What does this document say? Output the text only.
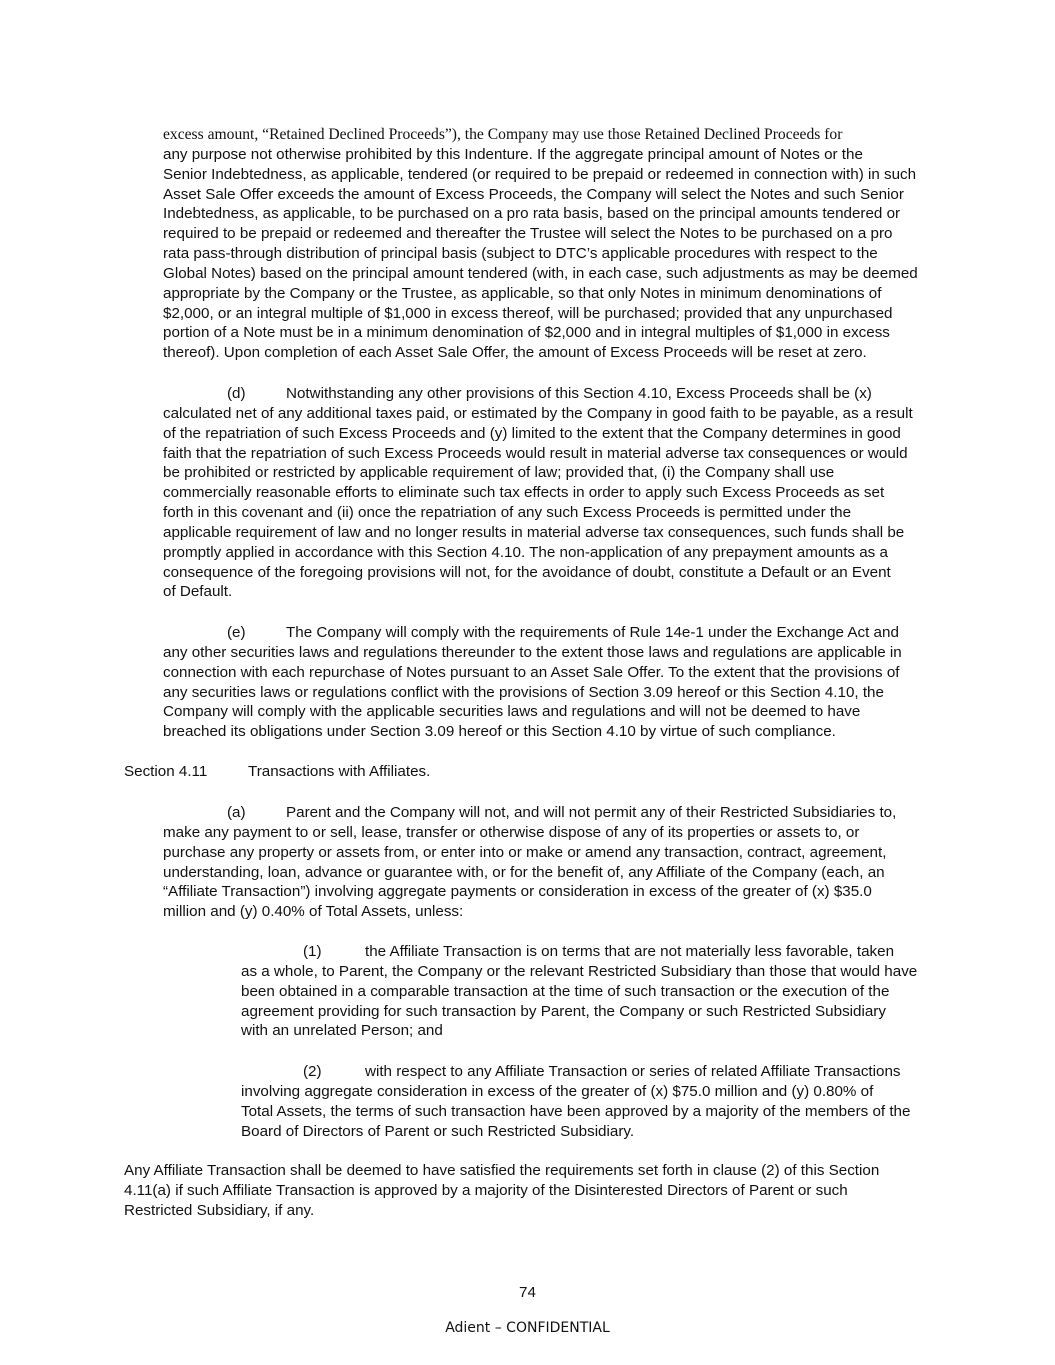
excess amount, “Retained Declined Proceeds”), the Company may use those Retained Declined Proceeds for
any purpose not otherwise prohibited by this Indenture. If the aggregate principal amount of Notes or the
Senior Indebtedness, as applicable, tendered (or required to be prepaid or redeemed in connection with) in such
Asset Sale Offer exceeds the amount of Excess Proceeds, the Company will select the Notes and such Senior
Indebtedness, as applicable, to be purchased on a pro rata basis, based on the principal amounts tendered or
required to be prepaid or redeemed and thereafter the Trustee will select the Notes to be purchased on a pro
rata pass-through distribution of principal basis (subject to DTC’s applicable procedures with respect to the
Global Notes) based on the principal amount tendered (with, in each case, such adjustments as may be deemed
appropriate by the Company or the Trustee, as applicable, so that only Notes in minimum denominations of
$2,000, or an integral multiple of $1,000 in excess thereof, will be purchased; provided that any unpurchased
portion of a Note must be in a minimum denomination of $2,000 and in integral multiples of $1,000 in excess
thereof). Upon completion of each Asset Sale Offer, the amount of Excess Proceeds will be reset at zero.
(d)	Notwithstanding any other provisions of this Section 4.10, Excess Proceeds shall be (x)
calculated net of any additional taxes paid, or estimated by the Company in good faith to be payable, as a result
of the repatriation of such Excess Proceeds and (y) limited to the extent that the Company determines in good
faith that the repatriation of such Excess Proceeds would result in material adverse tax consequences or would
be prohibited or restricted by applicable requirement of law; provided that, (i) the Company shall use
commercially reasonable efforts to eliminate such tax effects in order to apply such Excess Proceeds as set
forth in this covenant and (ii) once the repatriation of any such Excess Proceeds is permitted under the
applicable requirement of law and no longer results in material adverse tax consequences, such funds shall be
promptly applied in accordance with this Section 4.10. The non-application of any prepayment amounts as a
consequence of the foregoing provisions will not, for the avoidance of doubt, constitute a Default or an Event
of Default.
(e)	The Company will comply with the requirements of Rule 14e-1 under the Exchange Act and
any other securities laws and regulations thereunder to the extent those laws and regulations are applicable in
connection with each repurchase of Notes pursuant to an Asset Sale Offer. To the extent that the provisions of
any securities laws or regulations conflict with the provisions of Section 3.09 hereof or this Section 4.10, the
Company will comply with the applicable securities laws and regulations and will not be deemed to have
breached its obligations under Section 3.09 hereof or this Section 4.10 by virtue of such compliance.
Section 4.11	Transactions with Affiliates.
(a)	Parent and the Company will not, and will not permit any of their Restricted Subsidiaries to,
make any payment to or sell, lease, transfer or otherwise dispose of any of its properties or assets to, or
purchase any property or assets from, or enter into or make or amend any transaction, contract, agreement,
understanding, loan, advance or guarantee with, or for the benefit of, any Affiliate of the Company (each, an
“Affiliate Transaction”) involving aggregate payments or consideration in excess of the greater of (x) $35.0
million and (y) 0.40% of Total Assets, unless:
(1)	the Affiliate Transaction is on terms that are not materially less favorable, taken
as a whole, to Parent, the Company or the relevant Restricted Subsidiary than those that would have
been obtained in a comparable transaction at the time of such transaction or the execution of the
agreement providing for such transaction by Parent, the Company or such Restricted Subsidiary
with an unrelated Person; and
(2)	with respect to any Affiliate Transaction or series of related Affiliate Transactions
involving aggregate consideration in excess of the greater of (x) $75.0 million and (y) 0.80% of
Total Assets, the terms of such transaction have been approved by a majority of the members of the
Board of Directors of Parent or such Restricted Subsidiary.
Any Affiliate Transaction shall be deemed to have satisfied the requirements set forth in clause (2) of this Section
4.11(a) if such Affiliate Transaction is approved by a majority of the Disinterested Directors of Parent or such
Restricted Subsidiary, if any.
74
Adient – CONFIDENTIAL
